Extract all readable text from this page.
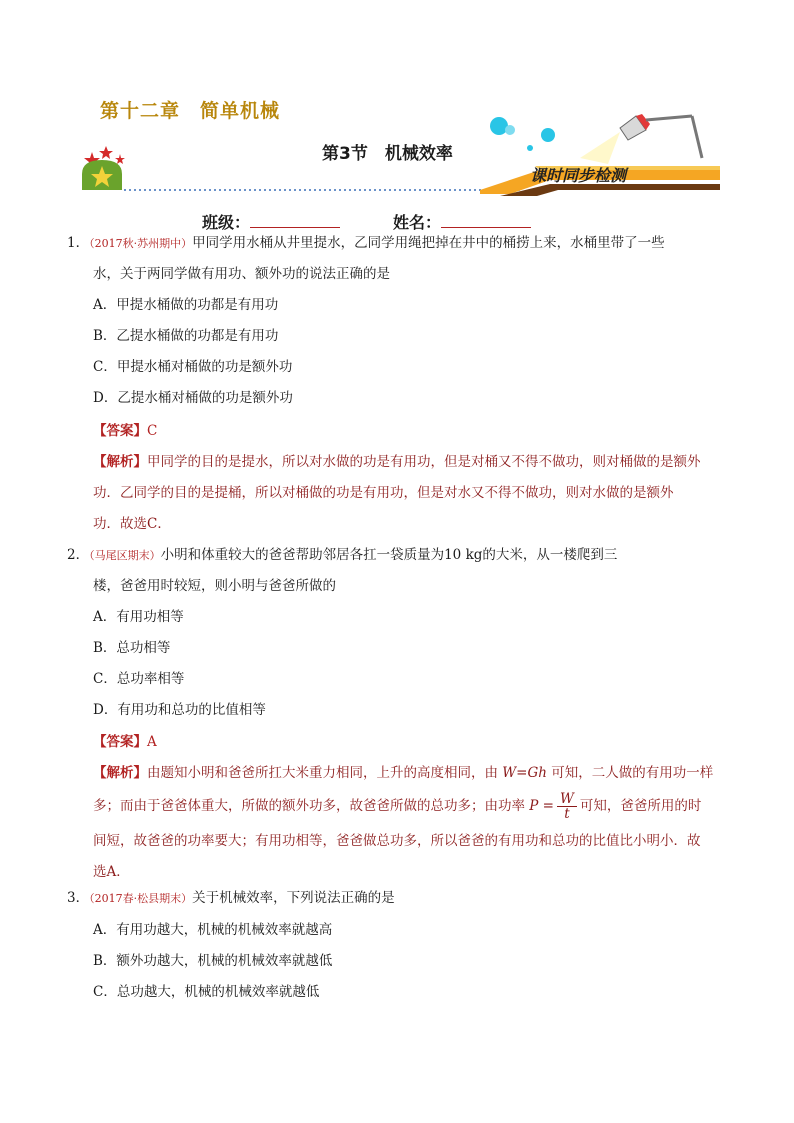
第十二章　简单机械
第3节　机械效率
课时同步检测
班级：	姓名：
1．（2017秋·苏州期中）甲同学用水桶从井里提水，乙同学用绳把掉在井中的桶捞上来，水桶里带了一些
水，关于两同学做有用功、额外功的说法正确的是
A．甲提水桶做的功都是有用功
B．乙提水桶做的功都是有用功
C．甲提水桶对桶做的功是额外功
D．乙提水桶对桶做的功是额外功
【答案】C
【解析】甲同学的目的是提水，所以对水做的功是有用功，但是对桶又不得不做功，则对桶做的是额外
功．乙同学的目的是提桶，所以对桶做的功是有用功，但是对水又不得不做功，则对水做的是额外
功．故选C．
2．（马尾区期末）小明和体重较大的爸爸帮助邻居各扛一袋质量为10 kg的大米，从一楼爬到三
楼，爸爸用时较短，则小明与爸爸所做的
A．有用功相等
B．总功相等
C．总功率相等
D．有用功和总功的比值相等
【答案】A
【解析】由题知小明和爸爸所扛大米重力相同，上升的高度相同，由 W=Gh 可知，二人做的有用功一样
多；而由于爸爸体重大，所做的额外功多，故爸爸所做的总功多；由功率 $P = \frac{W}{t}$ 可知，爸爸所用的时
间短，故爸爸的功率要大；有用功相等，爸爸做总功多，所以爸爸的有用功和总功的比值比小明小．故
选A．
3．（2017春·松县期末）关于机械效率，下列说法正确的是
A．有用功越大，机械的机械效率就越高
B．额外功越大，机械的机械效率就越低
C．总功越大，机械的机械效率就越低
